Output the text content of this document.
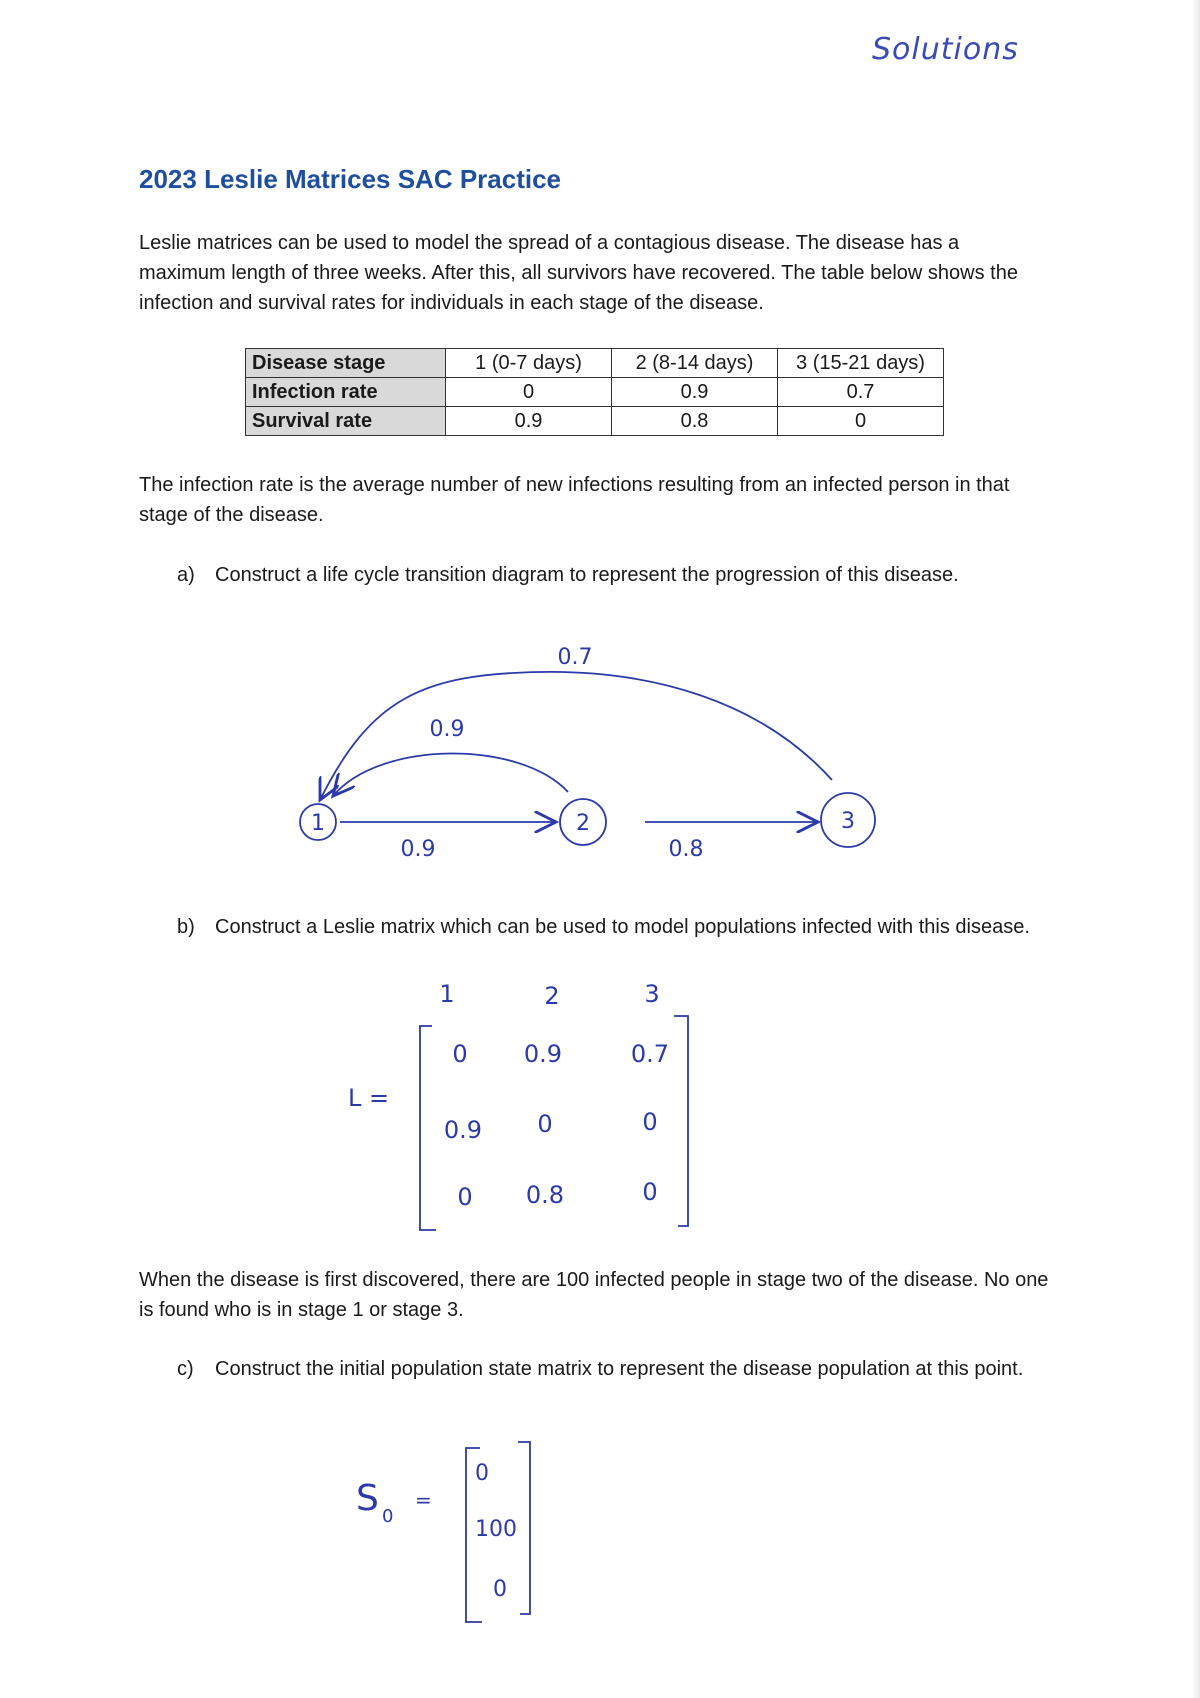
Solutions
2023 Leslie Matrices SAC Practice

Leslie matrices can be used to model the spread of a contagious disease. The disease has a maximum length of three weeks. After this, all survivors have recovered. The table below shows the infection and survival rates for individuals in each stage of the disease.

Disease stage	1 (0-7 days)	2 (8-14 days)	3 (15-21 days)
Infection rate	0	0.9	0.7
Survival rate	0.9	0.8	0

The infection rate is the average number of new infections resulting from an infected person in that stage of the disease.

a) Construct a life cycle transition diagram to represent the progression of this disease.
1	2	3
0.7
0.9
0.9	0.8
L =
1	2	3
0 0.9	0.7
0.9 0	0
0 0.8	0
S 0
=
0
100
0
b) Construct a Leslie matrix which can be used to model populations infected with this disease.

When the disease is first discovered, there are 100 infected people in stage two of the disease. No one is found who is in stage 1 or stage 3.

c) Construct the initial population state matrix to represent the disease population at this point.
